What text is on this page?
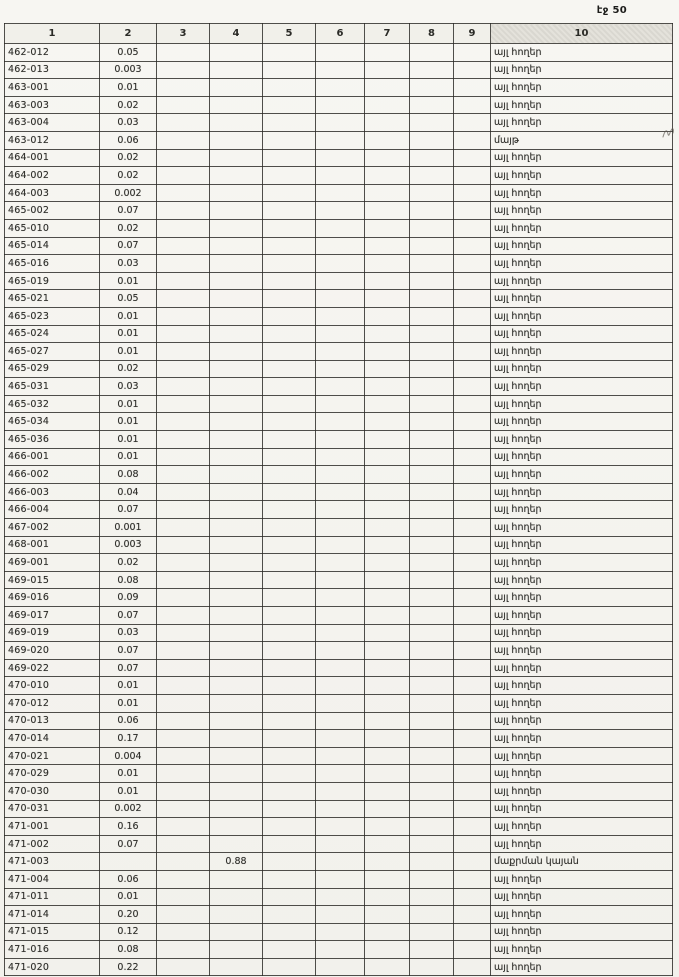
էջ 50
1	2	3	4	5	6	7	8	9	10
462-012	0.05								այլ հողեր
462-013	0.003								այլ հողեր
463-001	0.01								այլ հողեր
463-003	0.02								այլ հողեր
463-004	0.03								այլ հողեր
463-012	0.06								մայթ
464-001	0.02								այլ հողեր
464-002	0.02								այլ հողեր
464-003	0.002								այլ հողեր
465-002	0.07								այլ հողեր
465-010	0.02								այլ հողեր
465-014	0.07								այլ հողեր
465-016	0.03								այլ հողեր
465-019	0.01								այլ հողեր
465-021	0.05								այլ հողեր
465-023	0.01								այլ հողեր
465-024	0.01								այլ հողեր
465-027	0.01								այլ հողեր
465-029	0.02								այլ հողեր
465-031	0.03								այլ հողեր
465-032	0.01								այլ հողեր
465-034	0.01								այլ հողեր
465-036	0.01								այլ հողեր
466-001	0.01								այլ հողեր
466-002	0.08								այլ հողեր
466-003	0.04								այլ հողեր
466-004	0.07								այլ հողեր
467-002	0.001								այլ հողեր
468-001	0.003								այլ հողեր
469-001	0.02								այլ հողեր
469-015	0.08								այլ հողեր
469-016	0.09								այլ հողեր
469-017	0.07								այլ հողեր
469-019	0.03								այլ հողեր
469-020	0.07								այլ հողեր
469-022	0.07								այլ հողեր
470-010	0.01								այլ հողեր
470-012	0.01								այլ հողեր
470-013	0.06								այլ հողեր
470-014	0.17								այլ հողեր
470-021	0.004								այլ հողեր
470-029	0.01								այլ հողեր
470-030	0.01								այլ հողեր
470-031	0.002								այլ հողեր
471-001	0.16								այլ հողեր
471-002	0.07								այլ հողեր
471-003			0.88						մաքրման կայան
471-004	0.06								այլ հողեր
471-011	0.01								այլ հողեր
471-014	0.20								այլ հողեր
471-015	0.12								այլ հողեր
471-016	0.08								այլ հողեր
471-020	0.22								այլ հողեր
